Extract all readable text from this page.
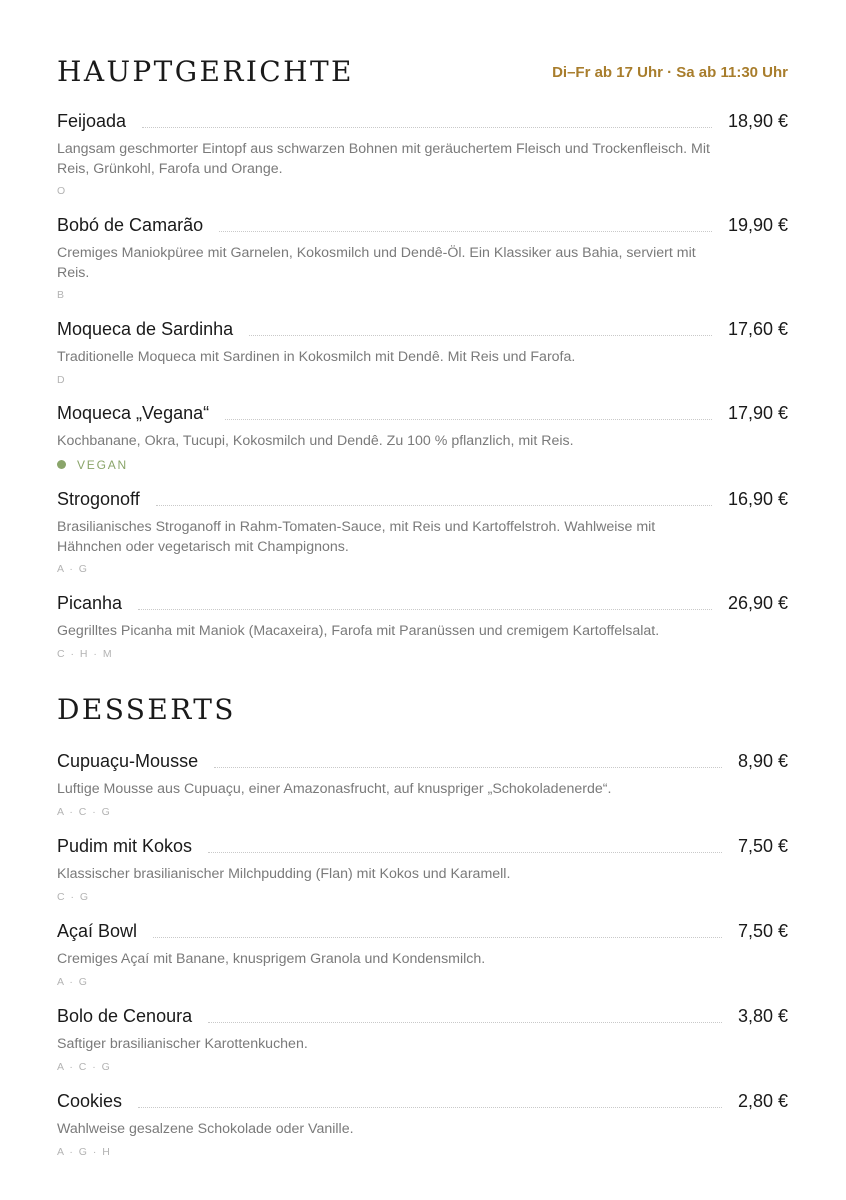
HAUPTGERICHTE	Di–Fr ab 17 Uhr · Sa ab 11:30 Uhr
Feijoada	18,90 €

Langsam geschmorter Eintopf aus schwarzen Bohnen mit geräuchertem Fleisch und Trockenfleisch. Mit Reis, Grünkohl, Farofa und Orange.

O
Bobó de Camarão	19,90 €

Cremiges Maniokpüree mit Garnelen, Kokosmilch und Dendê-Öl. Ein Klassiker aus Bahia, serviert mit Reis.

B
Moqueca de Sardinha	17,60 €

Traditionelle Moqueca mit Sardinen in Kokosmilch mit Dendê. Mit Reis und Farofa.

D
Moqueca „Vegana“	17,90 €

Kochbanane, Okra, Tucupi, Kokosmilch und Dendê. Zu 100 % pflanzlich, mit Reis.

VEGAN
Strogonoff	16,90 €

Brasilianisches Stroganoff in Rahm-Tomaten-Sauce, mit Reis und Kartoffelstroh. Wahlweise mit Hähnchen oder vegetarisch mit Champignons.

A · G
Picanha	26,90 €

Gegrilltes Picanha mit Maniok (Macaxeira), Farofa mit Paranüssen und cremigem Kartoffelsalat.

C · H · M
DESSERTS
Cupuaçu-Mousse	8,90 €

Luftige Mousse aus Cupuaçu, einer Amazonasfrucht, auf knuspriger „Schokoladenerde“.

A · C · G
Pudim mit Kokos	7,50 €

Klassischer brasilianischer Milchpudding (Flan) mit Kokos und Karamell.

C · G
Açaí Bowl	7,50 €

Cremiges Açaí mit Banane, knusprigem Granola und Kondensmilch.

A · G
Bolo de Cenoura	3,80 €

Saftiger brasilianischer Karottenkuchen.

A · C · G
Cookies	2,80 €

Wahlweise gesalzene Schokolade oder Vanille.

A · G · H
